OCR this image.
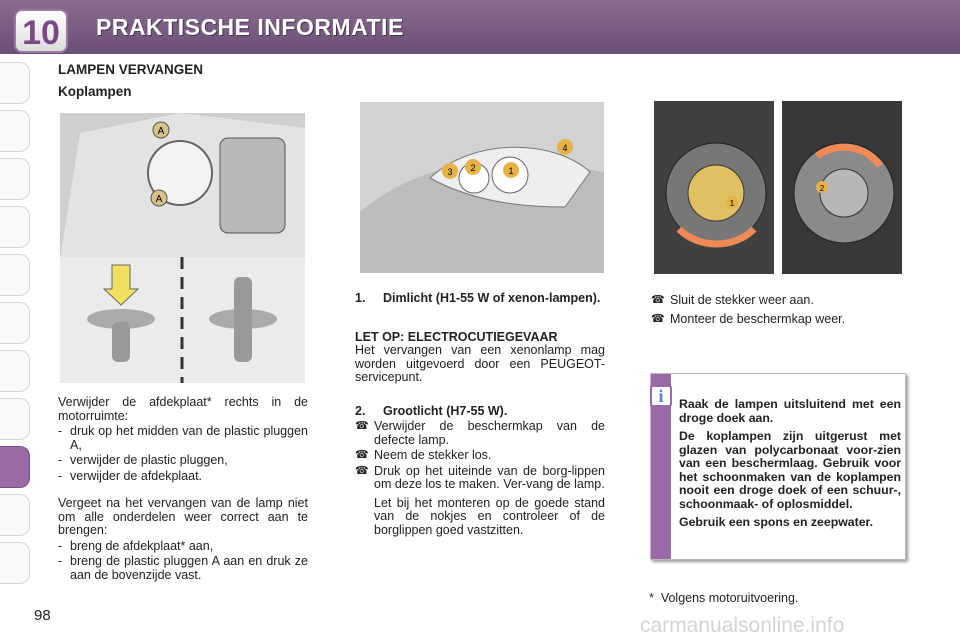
10	PRAKTISCHE INFORMATIE
LAMPEN VERVANGEN
Koplampen
A
A

Verwijder de afdekplaat* rechts in de motorruimte:

- druk op het midden van de plastic pluggen A,
- verwijder de plastic pluggen,
- verwijder de afdekplaat.

Vergeet na het vervangen van de lamp niet om alle onderdelen weer correct aan te brengen:

- breng de afdekplaat* aan,
- breng de plastic pluggen A aan en druk ze aan de bovenzijde vast.
3 2	1
4

1. Dimlicht (H1-55 W of xenon-lampen).

LET OP: ELECTROCUTIEGEVAAR

Het vervangen van een xenonlamp mag worden uitgevoerd door een PEUGEOT-servicepunt.

2. Grootlicht (H7-55 W).

☎ Verwijder de beschermkap van de defecte lamp.
☎ Neem de stekker los.
☎ Druk op het uiteinde van de borg-lippen om deze los te maken. Ver-vang de lamp.

Let bij het monteren op de goede stand van de nokjes en controleer of de borglippen goed vastzitten.

1
2
☎ Sluit de stekker weer aan.
☎ Monteer de beschermkap weer.
i	Raak de lampen uitsluitend met een droge doek aan.

De koplampen zijn uitgerust met glazen van polycarbonaat voor-zien van een beschermlaag. Gebruik voor het schoonmaken van de koplampen nooit een droge doek of een schuur-, schoonmaak- of oplosmiddel.

Gebruik een spons en zeepwater.

*  Volgens motoruitvoering.
98	carmanualsonline.info
